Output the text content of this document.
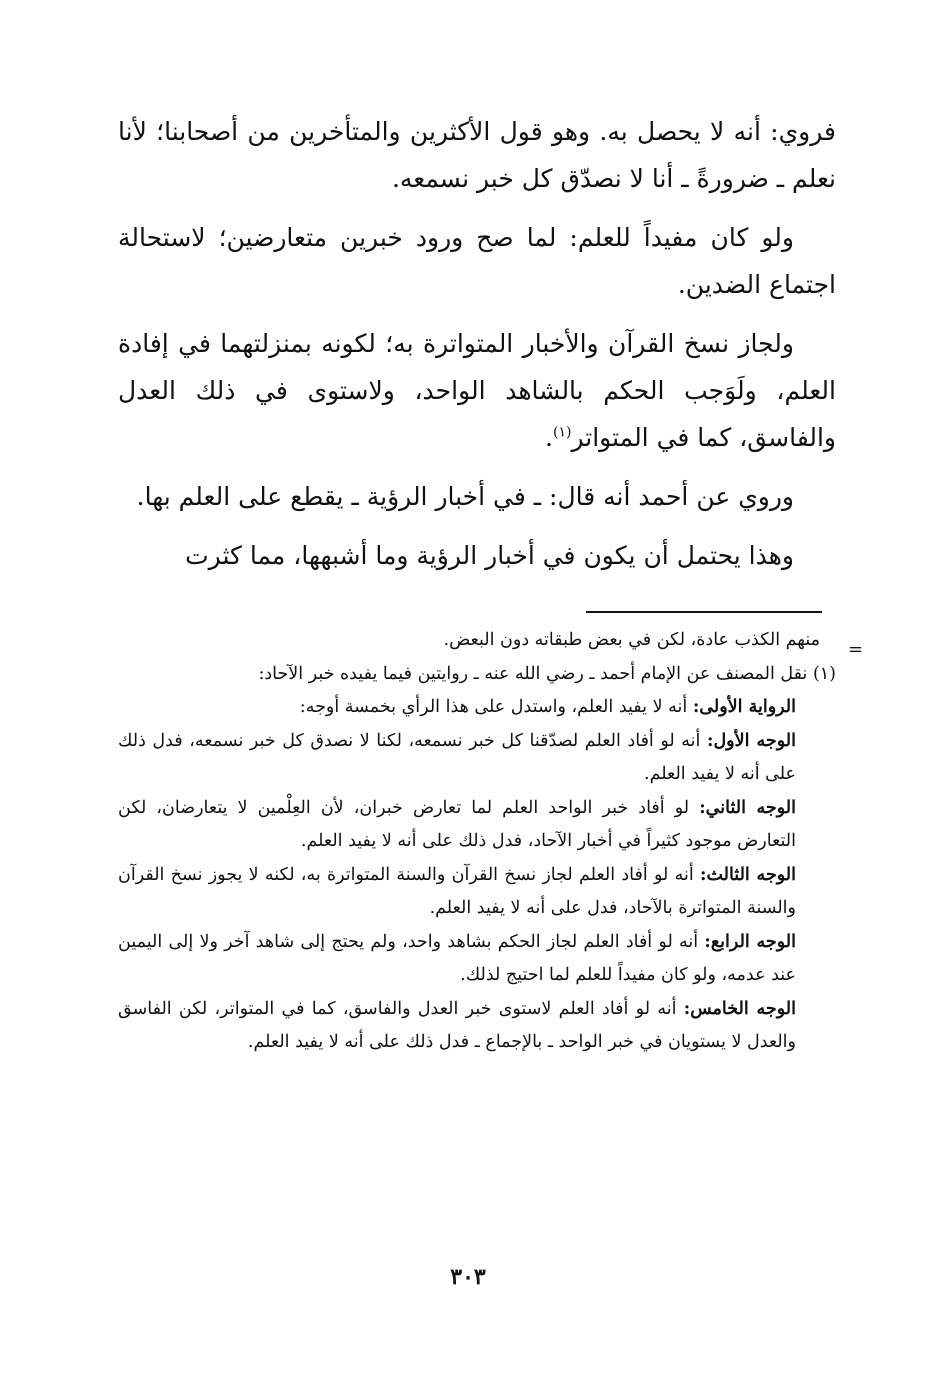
فروي: أنه لا يحصل به. وهو قول الأكثرين والمتأخرين من أصحابنا؛ لأنا نعلم ـ ضرورةً ـ أنا لا نصدّق كل خبر نسمعه.

ولو كان مفيداً للعلم: لما صح ورود خبرين متعارضين؛ لاستحالة اجتماع الضدين.

ولجاز نسخ القرآن والأخبار المتواترة به؛ لكونه بمنزلتهما في إفادة العلم، ولَوَجب الحكم بالشاهد الواحد، ولاستوى في ذلك العدل والفاسق، كما في المتواتر$^{(١)}$.

وروي عن أحمد أنه قال: ـ في أخبار الرؤية ـ يقطع على العلم بها.

وهذا يحتمل أن يكون في أخبار الرؤية وما أشبهها، مما كثرت

=

منهم الكذب عادة، لكن في بعض طبقاته دون البعض.

(١) نقل المصنف عن الإمام أحمد ـ رضي الله عنه ـ روايتين فيما يفيده خبر الآحاد:

الرواية الأولى: أنه لا يفيد العلم، واستدل على هذا الرأي بخمسة أوجه:

الوجه الأول: أنه لو أفاد العلم لصدّقنا كل خبر نسمعه، لكنا لا نصدق كل خبر نسمعه، فدل ذلك على أنه لا يفيد العلم.

الوجه الثاني: لو أفاد خبر الواحد العلم لما تعارض خبران، لأن العِلْمين لا يتعارضان، لكن التعارض موجود كثيراً في أخبار الآحاد، فدل ذلك على أنه لا يفيد العلم.

الوجه الثالث: أنه لو أفاد العلم لجاز نسخ القرآن والسنة المتواترة به، لكنه لا يجوز نسخ القرآن والسنة المتواترة بالآحاد، فدل على أنه لا يفيد العلم.

الوجه الرابع: أنه لو أفاد العلم لجاز الحكم بشاهد واحد، ولم يحتج إلى شاهد آخر ولا إلى اليمين عند عدمه، ولو كان مفيداً للعلم لما احتيج لذلك.

الوجه الخامس: أنه لو أفاد العلم لاستوى خبر العدل والفاسق، كما في المتواتر، لكن الفاسق والعدل لا يستويان في خبر الواحد ـ بالإجماع ـ فدل ذلك على أنه لا يفيد العلم.

٣٠٣
